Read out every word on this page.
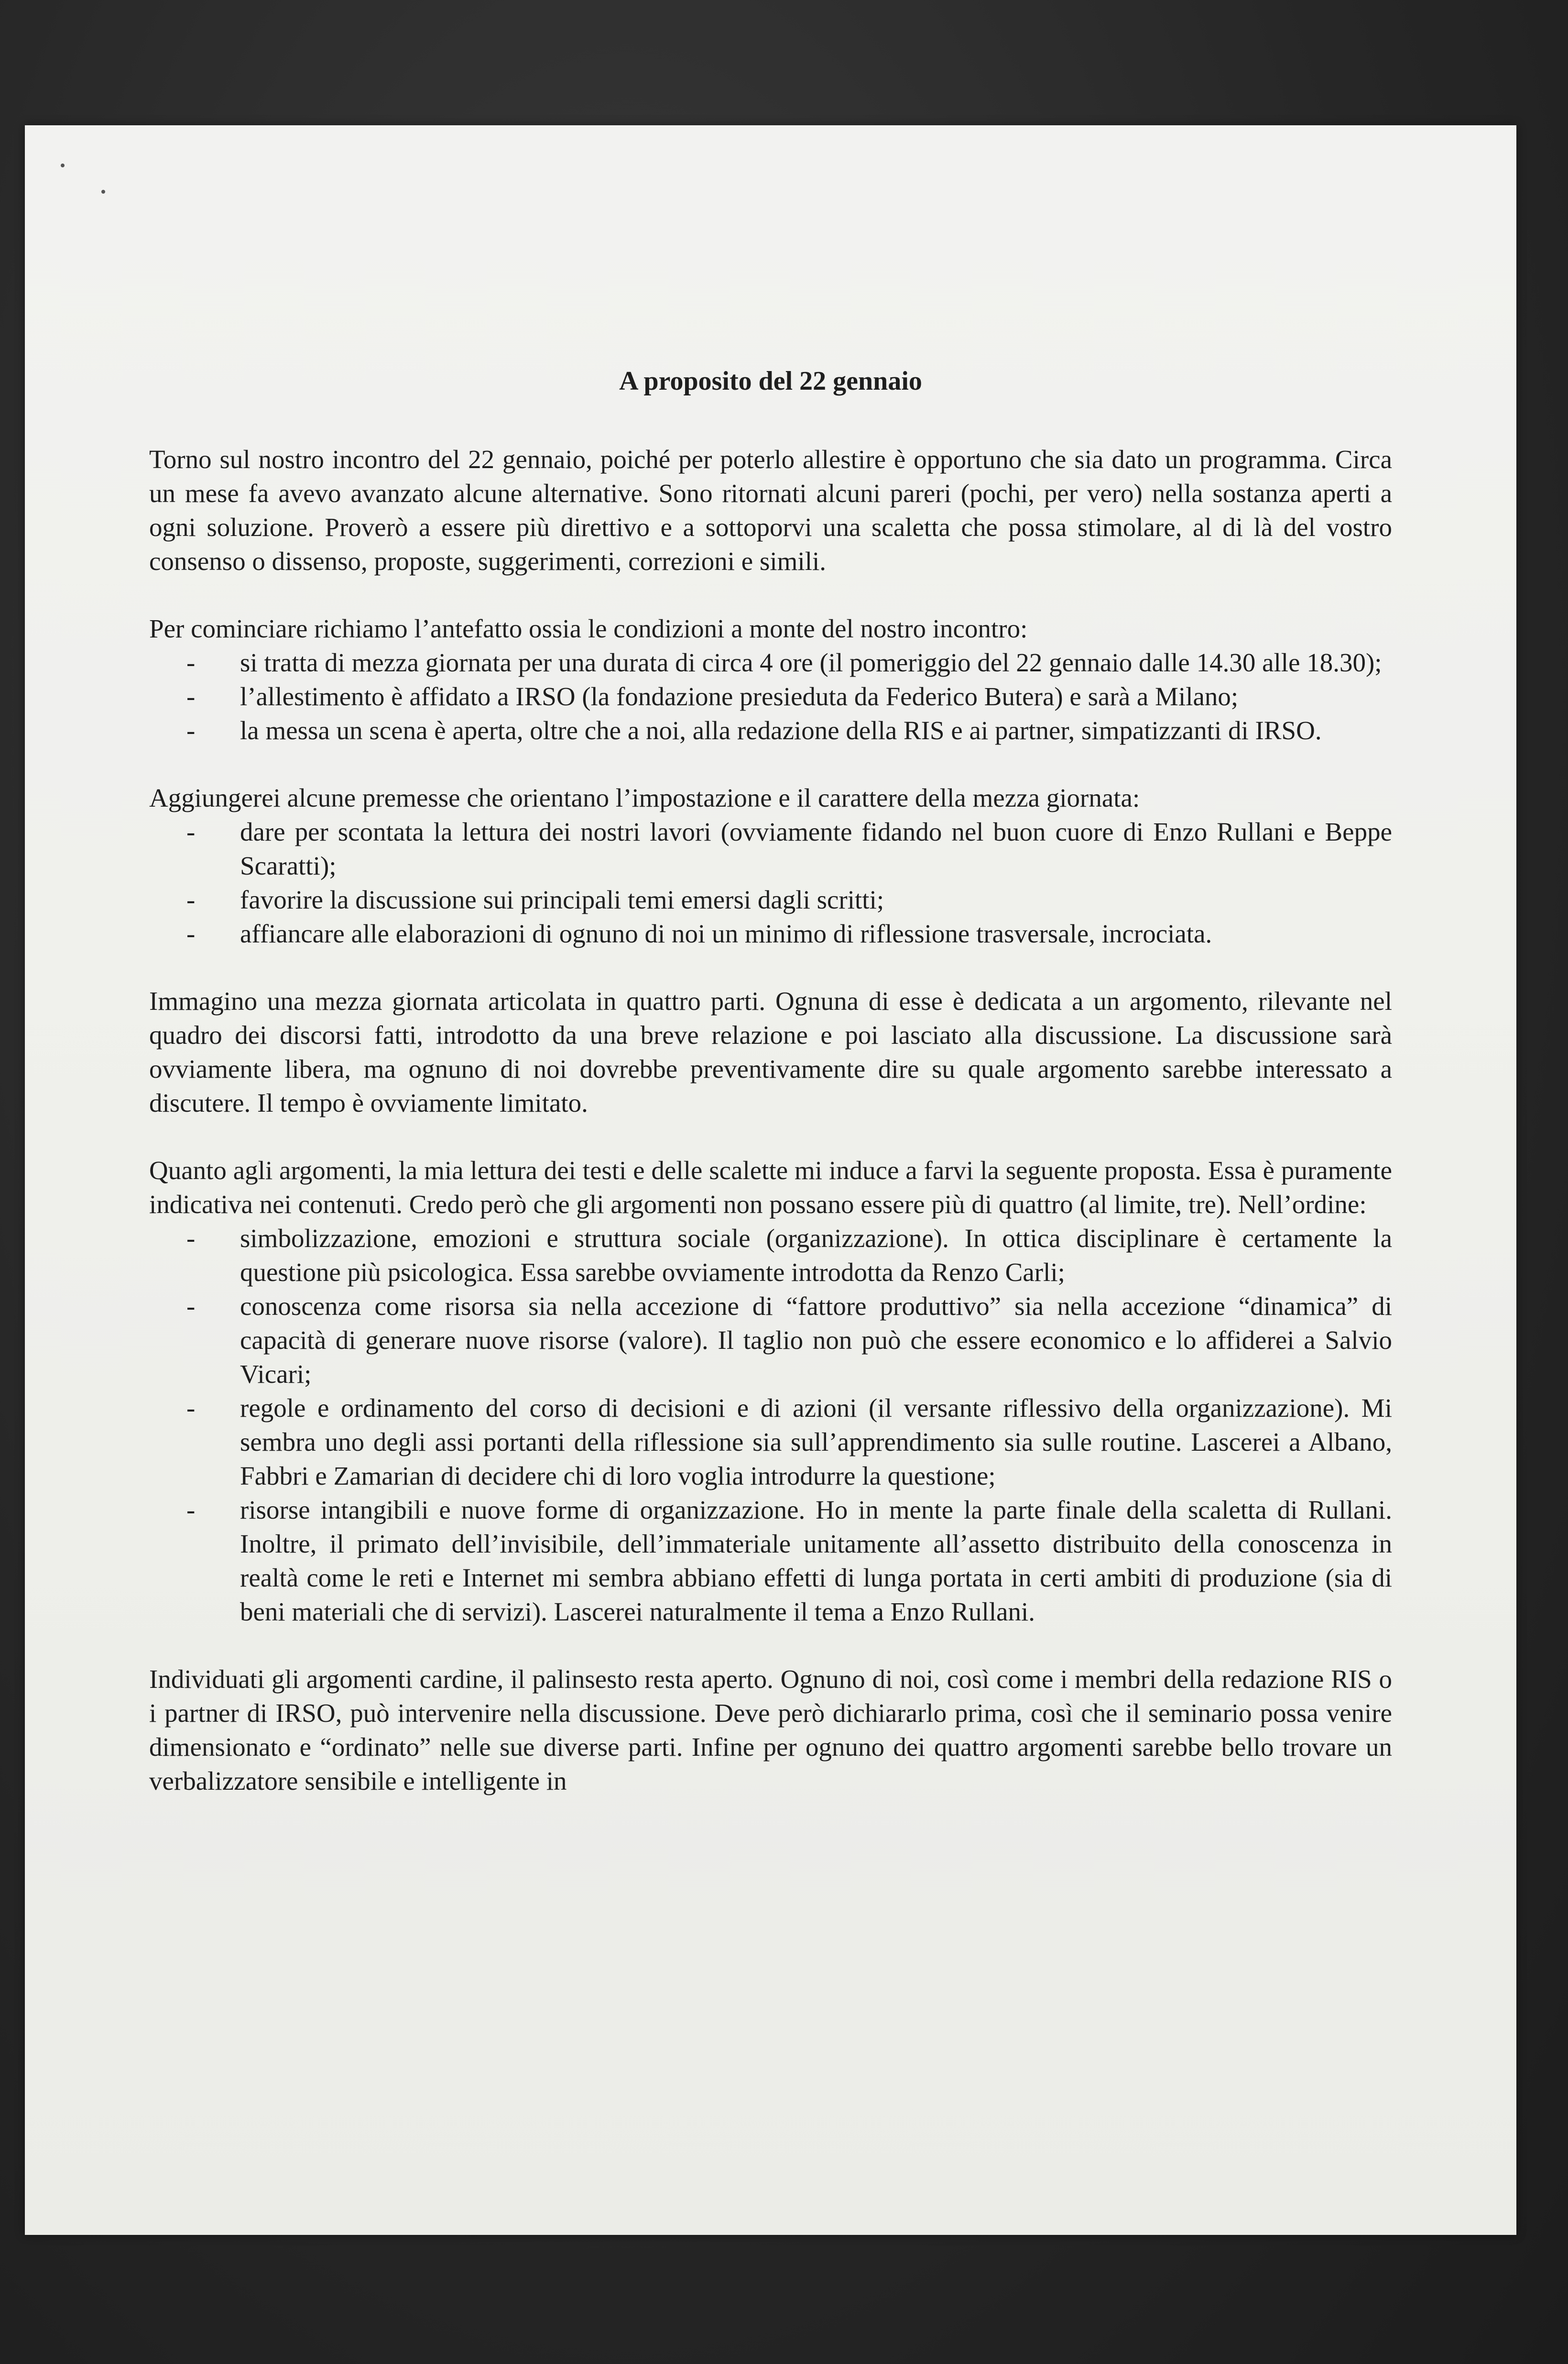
A proposito del 22 gennaio

Torno sul nostro incontro del 22 gennaio, poiché per poterlo allestire è opportuno che sia dato un programma. Circa un mese fa avevo avanzato alcune alternative. Sono ritornati alcuni pareri (pochi, per vero) nella sostanza aperti a ogni soluzione. Proverò a essere più direttivo e a sottoporvi una scaletta che possa stimolare, al di là del vostro consenso o dissenso, proposte, suggerimenti, correzioni e simili.

Per cominciare richiamo l’antefatto ossia le condizioni a monte del nostro incontro:

- si tratta di mezza giornata per una durata di circa 4 ore (il pomeriggio del 22 gennaio dalle 14.30 alle 18.30);
- l’allestimento è affidato a IRSO (la fondazione presieduta da Federico Butera) e sarà a Milano;
- la messa un scena è aperta, oltre che a noi, alla redazione della RIS e ai partner, simpatizzanti di IRSO.

Aggiungerei alcune premesse che orientano l’impostazione e il carattere della mezza giornata:

- dare per scontata la lettura dei nostri lavori (ovviamente fidando nel buon cuore di Enzo Rullani e Beppe Scaratti);
- favorire la discussione sui principali temi emersi dagli scritti;
- affiancare alle elaborazioni di ognuno di noi un minimo di riflessione trasversale, incrociata.

Immagino una mezza giornata articolata in quattro parti. Ognuna di esse è dedicata a un argomento, rilevante nel quadro dei discorsi fatti, introdotto da una breve relazione e poi lasciato alla discussione. La discussione sarà ovviamente libera, ma ognuno di noi dovrebbe preventivamente dire su quale argomento sarebbe interessato a discutere. Il tempo è ovviamente limitato.

Quanto agli argomenti, la mia lettura dei testi e delle scalette mi induce a farvi la seguente proposta. Essa è puramente indicativa nei contenuti. Credo però che gli argomenti non possano essere più di quattro (al limite, tre). Nell’ordine:

- simbolizzazione, emozioni e struttura sociale (organizzazione). In ottica disciplinare è certamente la questione più psicologica. Essa sarebbe ovviamente introdotta da Renzo Carli;
- conoscenza come risorsa sia nella accezione di “fattore produttivo” sia nella accezione “dinamica” di capacità di generare nuove risorse (valore). Il taglio non può che essere economico e lo affiderei a Salvio Vicari;
- regole e ordinamento del corso di decisioni e di azioni (il versante riflessivo della organizzazione). Mi sembra uno degli assi portanti della riflessione sia sull’apprendimento sia sulle routine. Lascerei a Albano, Fabbri e Zamarian di decidere chi di loro voglia introdurre la questione;
- risorse intangibili e nuove forme di organizzazione. Ho in mente la parte finale della scaletta di Rullani. Inoltre, il primato dell’invisibile, dell’immateriale unitamente all’assetto distribuito della conoscenza in realtà come le reti e Internet mi sembra abbiano effetti di lunga portata in certi ambiti di produzione (sia di beni materiali che di servizi). Lascerei naturalmente il tema a Enzo Rullani.

Individuati gli argomenti cardine, il palinsesto resta aperto. Ognuno di noi, così come i membri della redazione RIS o i partner di IRSO, può intervenire nella discussione. Deve però dichiararlo prima, così che il seminario possa venire dimensionato e “ordinato” nelle sue diverse parti. Infine per ognuno dei quattro argomenti sarebbe bello trovare un verbalizzatore sensibile e intelligente in
